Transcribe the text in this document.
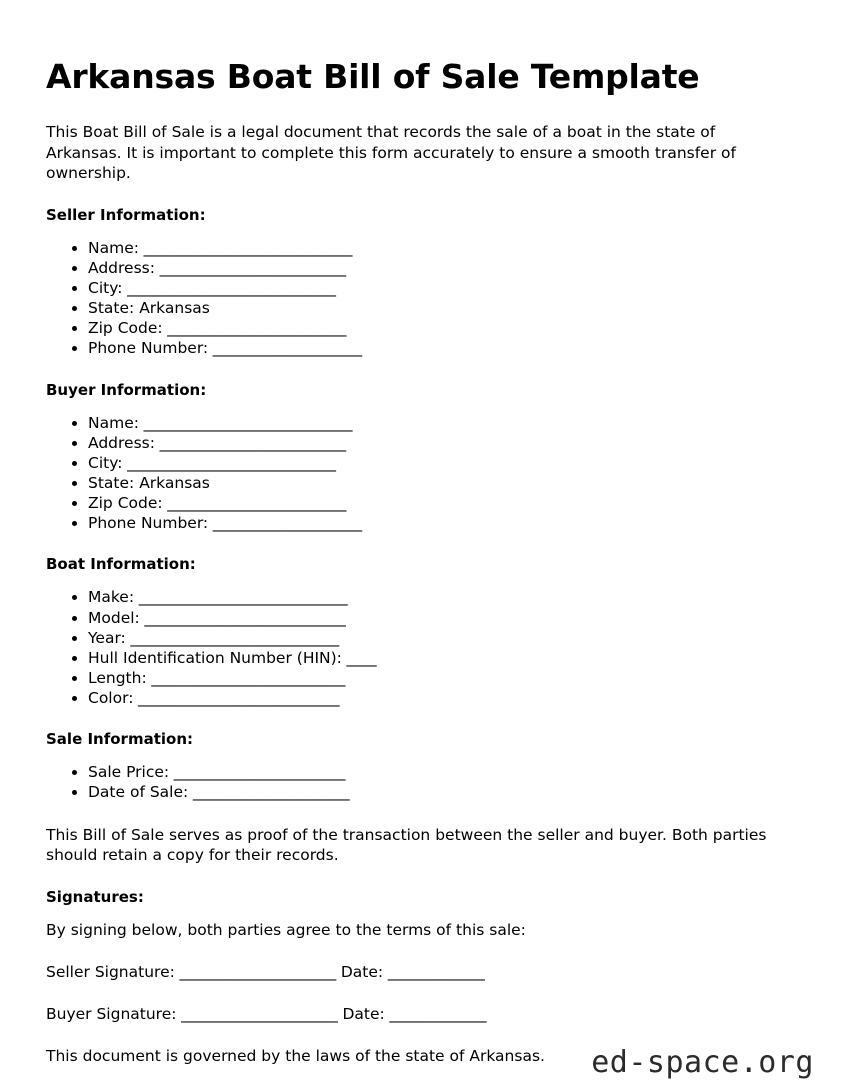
Arkansas Boat Bill of Sale Template

This Boat Bill of Sale is a legal document that records the sale of a boat in the state of Arkansas. It is important to complete this form accurately to ensure a smooth transfer of ownership.

Seller Information:
• Name: ____________________________
• Address: _________________________
• City: ____________________________
• State: Arkansas
• Zip Code: ________________________
• Phone Number: ____________________
Buyer Information:
• Name: ____________________________
• Address: _________________________
• City: ____________________________
• State: Arkansas
• Zip Code: ________________________
• Phone Number: ____________________
Boat Information:
• Make: ____________________________
• Model: ___________________________
• Year: ____________________________
• Hull Identification Number (HIN): ____
• Length: __________________________
• Color: ___________________________
Sale Information:
• Sale Price: _______________________
• Date of Sale: _____________________

This Bill of Sale serves as proof of the transaction between the seller and buyer. Both parties should retain a copy for their records.

Signatures:

By signing below, both parties agree to the terms of this sale:

Seller Signature: _____________________ Date: _____________

Buyer Signature: _____________________ Date: _____________

This document is governed by the laws of the state of Arkansas.	ed-space.org
